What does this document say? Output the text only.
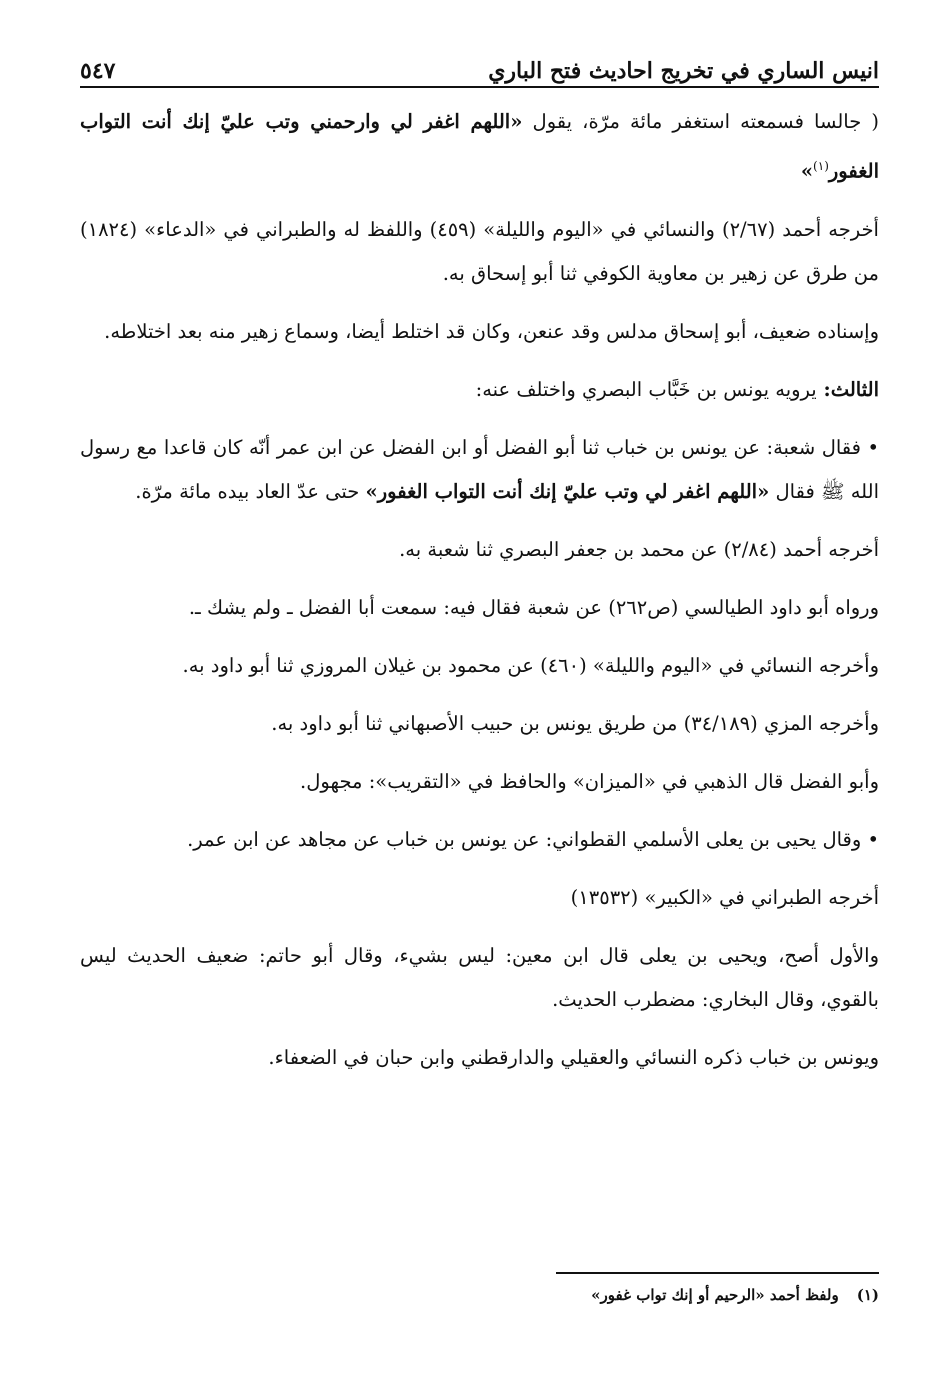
انيس الساري في تخريج احاديث فتح الباري
٥٤٧

( جالسا فسمعته استغفر مائة مرّة، يقول «اللهم اغفر لي وارحمني وتب عليّ إنك أنت التواب الغفور$^{(١)}$»

أخرجه أحمد (٢/٦٧) والنسائي في «اليوم والليلة» (٤٥٩) واللفظ له والطبراني في «الدعاء» (١٨٢٤) من طرق عن زهير بن معاوية الكوفي ثنا أبو إسحاق به.

وإسناده ضعيف، أبو إسحاق مدلس وقد عنعن، وكان قد اختلط أيضا، وسماع زهير منه بعد اختلاطه.

الثالث: يرويه يونس بن خَبَّاب البصري واختلف عنه:

• فقال شعبة: عن يونس بن خباب ثنا أبو الفضل أو ابن الفضل عن ابن عمر أنّه كان قاعدا مع رسول الله ﷺ فقال «اللهم اغفر لي وتب عليّ إنك أنت التواب الغفور» حتى عدّ العاد بيده مائة مرّة.

أخرجه أحمد (٢/٨٤) عن محمد بن جعفر البصري ثنا شعبة به.

ورواه أبو داود الطيالسي (ص٢٦٢) عن شعبة فقال فيه: سمعت أبا الفضل ـ ولم يشك ـ.

وأخرجه النسائي في «اليوم والليلة» (٤٦٠) عن محمود بن غيلان المروزي ثنا أبو داود به.

وأخرجه المزي (٣٤/١٨٩) من طريق يونس بن حبيب الأصبهاني ثنا أبو داود به.

وأبو الفضل قال الذهبي في «الميزان» والحافظ في «التقريب»: مجهول.

• وقال يحيى بن يعلى الأسلمي القطواني: عن يونس بن خباب عن مجاهد عن ابن عمر.

أخرجه الطبراني في «الكبير» (١٣٥٣٢)

والأول أصح، ويحيى بن يعلى قال ابن معين: ليس بشيء، وقال أبو حاتم: ضعيف الحديث ليس بالقوي، وقال البخاري: مضطرب الحديث.

ويونس بن خباب ذكره النسائي والعقيلي والدارقطني وابن حبان في الضعفاء.

(١)ولفظ أحمد «الرحيم أو إنك تواب غفور»
